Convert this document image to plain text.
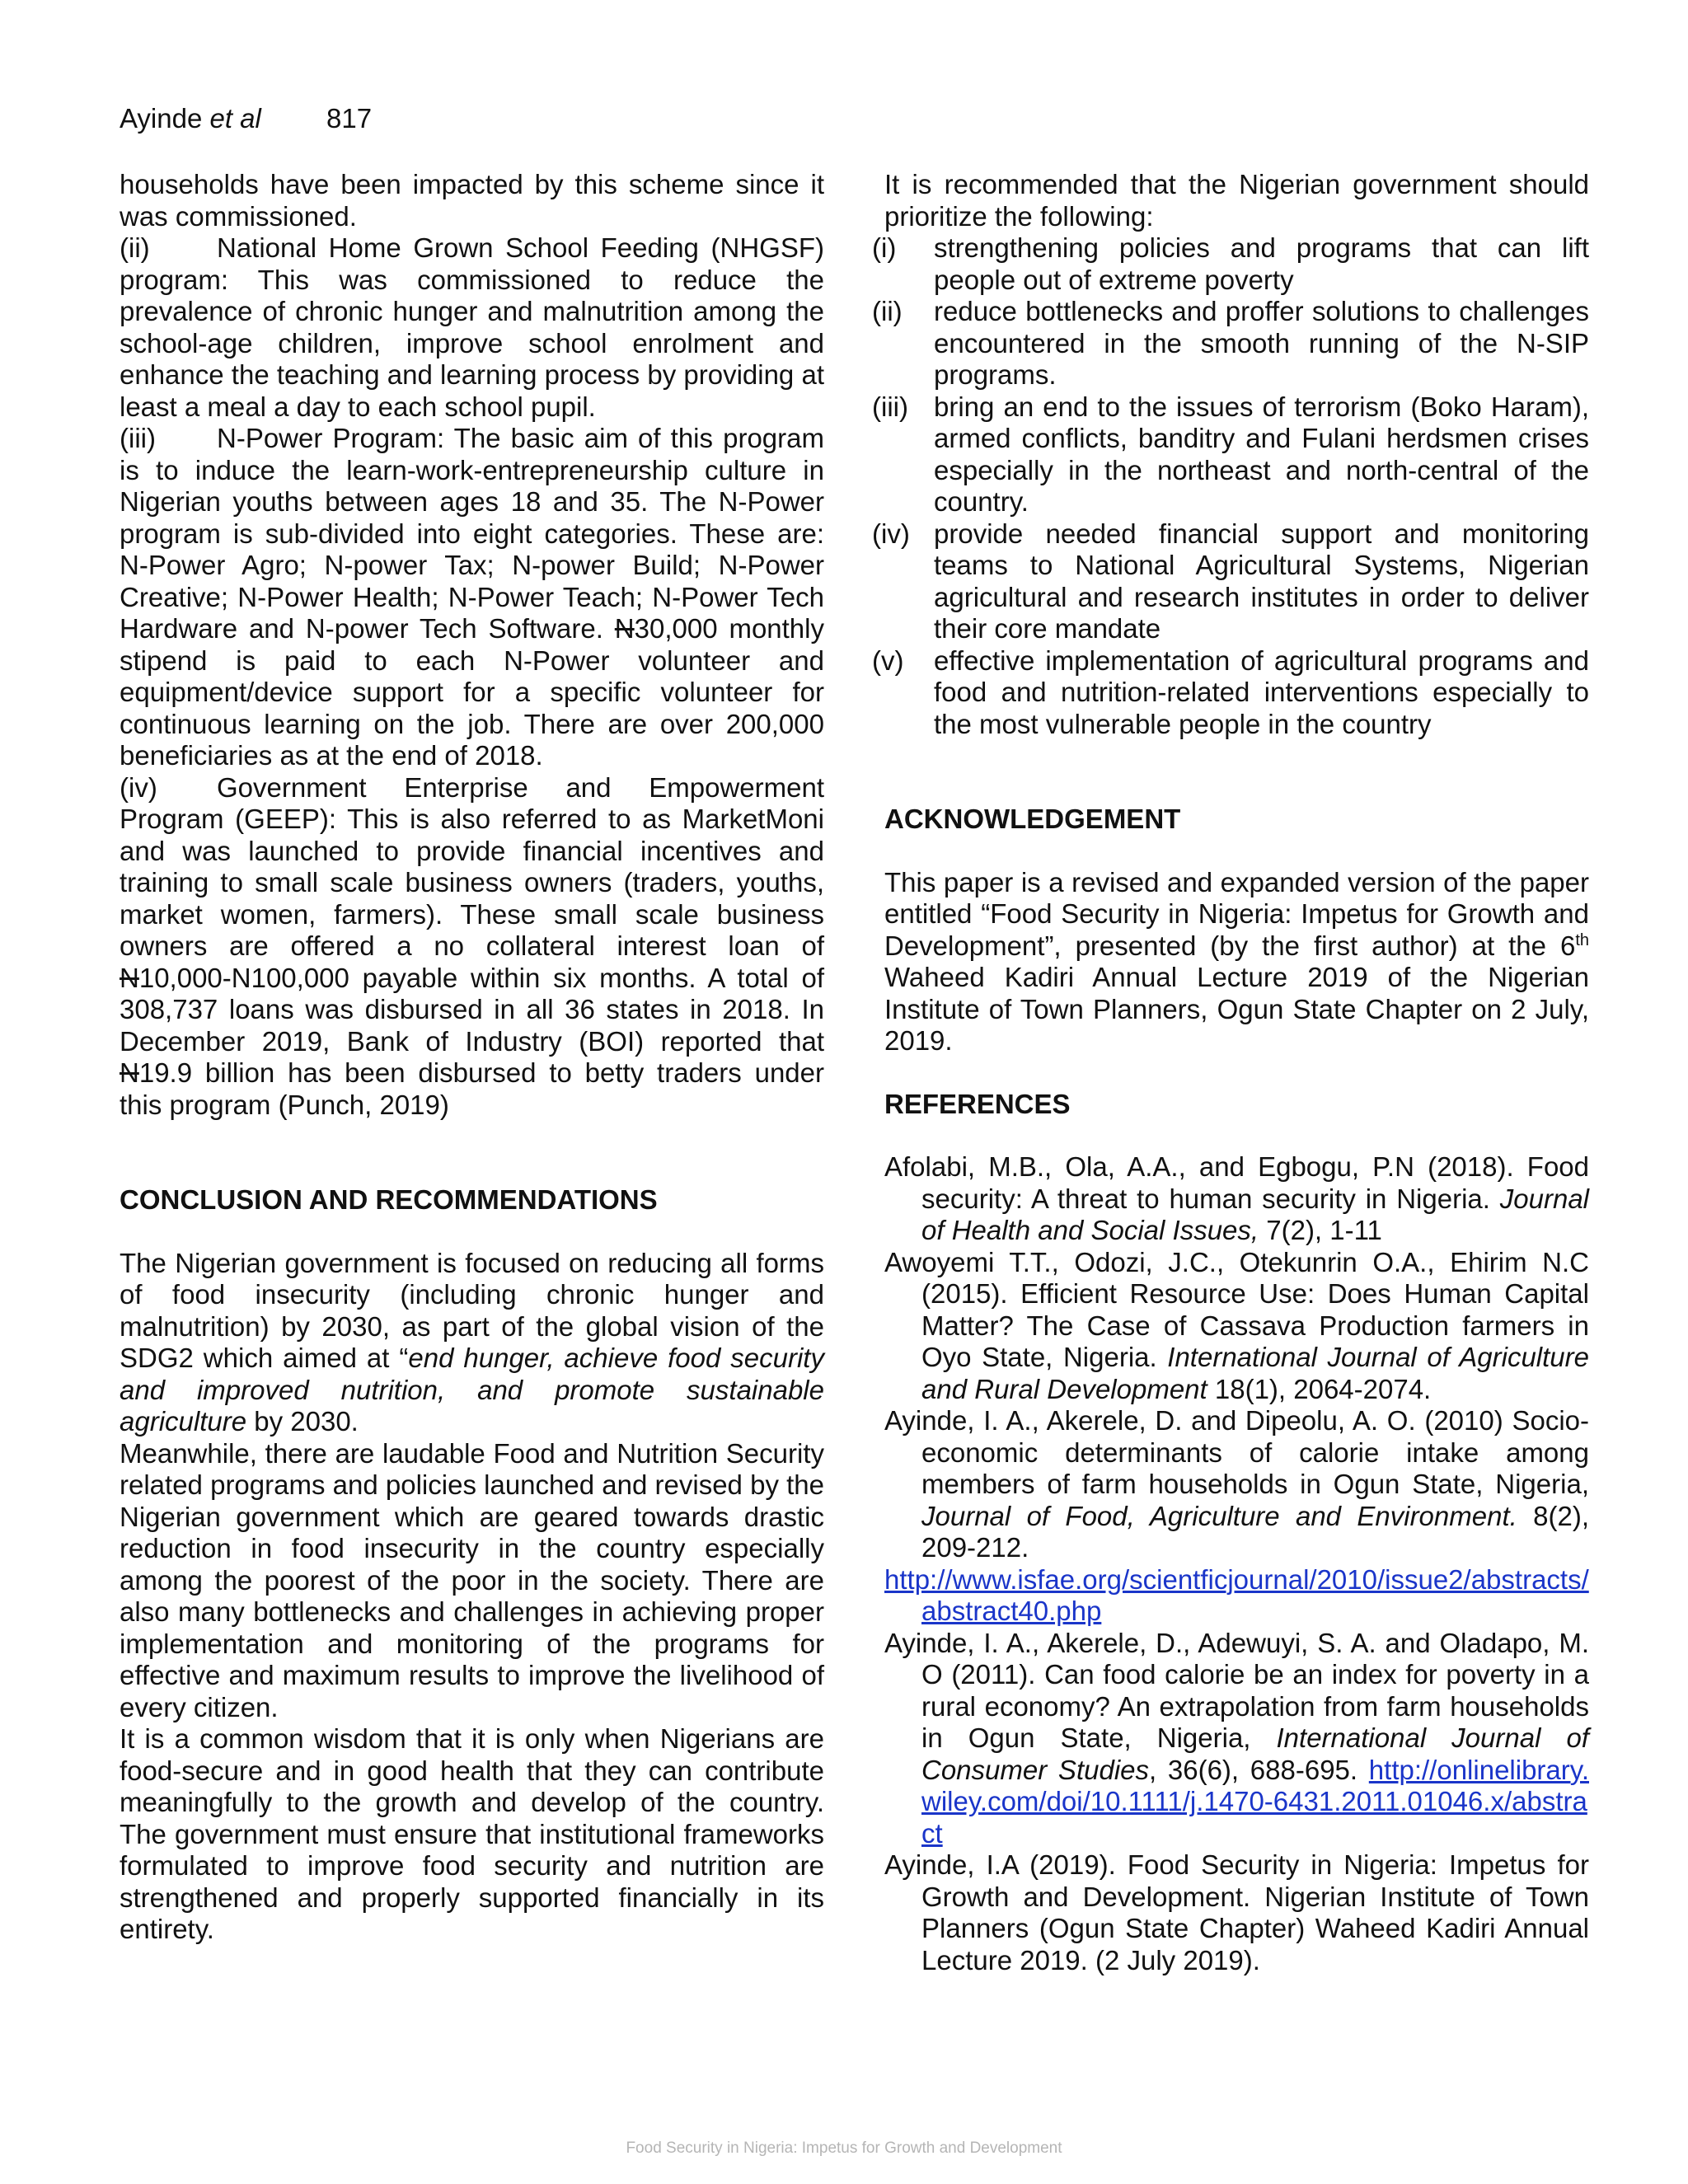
Ayinde et al 817

households have been impacted by this scheme since it was commissioned.

(ii) National Home Grown School Feeding (NHGSF) program: This was commissioned to reduce the prevalence of chronic hunger and malnutrition among the school-age children, improve school enrolment and enhance the teaching and learning process by providing at least a meal a day to each school pupil.

(iii) N-Power Program: The basic aim of this program is to induce the learn-work-entrepreneurship culture in Nigerian youths between ages 18 and 35. The N-Power program is sub-divided into eight categories. These are: N-Power Agro; N-power Tax; N-power Build; N-Power Creative; N-Power Health; N-Power Teach; N-Power Tech Hardware and N-power Tech Software. N30,000 monthly stipend is paid to each N-Power volunteer and equipment/device support for a specific volunteer for continuous learning on the job. There are over 200,000 beneficiaries as at the end of 2018.

(iv) Government Enterprise and Empowerment Program (GEEP): This is also referred to as MarketMoni and was launched to provide financial incentives and training to small scale business owners (traders, youths, market women, farmers). These small scale business owners are offered a no collateral interest loan of N10,000-N100,000 payable within six months. A total of 308,737 loans was disbursed in all 36 states in 2018. In December 2019, Bank of Industry (BOI) reported that N19.9 billion has been disbursed to betty traders under this program (Punch, 2019)

CONCLUSION AND RECOMMENDATIONS

The Nigerian government is focused on reducing all forms of food insecurity (including chronic hunger and malnutrition) by 2030, as part of the global vision of the SDG2 which aimed at “end hunger, achieve food security and improved nutrition, and promote sustainable agriculture by 2030.

Meanwhile, there are laudable Food and Nutrition Security related programs and policies launched and revised by the Nigerian government which are geared towards drastic reduction in food insecurity in the country especially among the poorest of the poor in the society. There are also many bottlenecks and challenges in achieving proper implementation and monitoring of the programs for effective and maximum results to improve the livelihood of every citizen.

It is a common wisdom that it is only when Nigerians are food-secure and in good health that they can contribute meaningfully to the growth and develop of the country. The government must ensure that institutional frameworks formulated to improve food security and nutrition are strengthened and properly supported financially in its entirety.

It is recommended that the Nigerian government should prioritize the following:

(i) strengthening policies and programs that can lift people out of extreme poverty
(ii) reduce bottlenecks and proffer solutions to challenges encountered in the smooth running of the N-SIP programs.
(iii) bring an end to the issues of terrorism (Boko Haram), armed conflicts, banditry and Fulani herdsmen crises especially in the northeast and north-central of the country.
(iv) provide needed financial support and monitoring teams to National Agricultural Systems, Nigerian agricultural and research institutes in order to deliver their core mandate
(v) effective implementation of agricultural programs and food and nutrition-related interventions especially to the most vulnerable people in the country

ACKNOWLEDGEMENT

This paper is a revised and expanded version of the paper entitled “Food Security in Nigeria: Impetus for Growth and Development”, presented (by the first author) at the 6th Waheed Kadiri Annual Lecture 2019 of the Nigerian Institute of Town Planners, Ogun State Chapter on 2 July, 2019.

REFERENCES

Afolabi, M.B., Ola, A.A., and Egbogu, P.N (2018). Food security: A threat to human security in Nigeria. Journal of Health and Social Issues, 7(2), 1-11

Awoyemi T.T., Odozi, J.C., Otekunrin O.A., Ehirim N.C (2015). Efficient Resource Use: Does Human Capital Matter? The Case of Cassava Production farmers in Oyo State, Nigeria. International Journal of Agriculture and Rural Development 18(1), 2064-2074.

Ayinde, I. A., Akerele, D. and Dipeolu, A. O. (2010) Socio-economic determinants of calorie intake among members of farm households in Ogun State, Nigeria, Journal of Food, Agriculture and Environment. 8(2), 209-212.

http://www.isfae.org/scientficjournal/2010/issue2/abstracts/abstract40.php

Ayinde, I. A., Akerele, D., Adewuyi, S. A. and Oladapo, M. O (2011). Can food calorie be an index for poverty in a rural economy? An extrapolation from farm households in Ogun State, Nigeria, International Journal of Consumer Studies, 36(6), 688-695. http://onlinelibrary.wiley.com/doi/10.1111/j.1470-6431.2011.01046.x/abstract

Ayinde, I.A (2019). Food Security in Nigeria: Impetus for Growth and Development. Nigerian Institute of Town Planners (Ogun State Chapter) Waheed Kadiri Annual Lecture 2019. (2 July 2019).

Food Security in Nigeria: Impetus for Growth and Development
